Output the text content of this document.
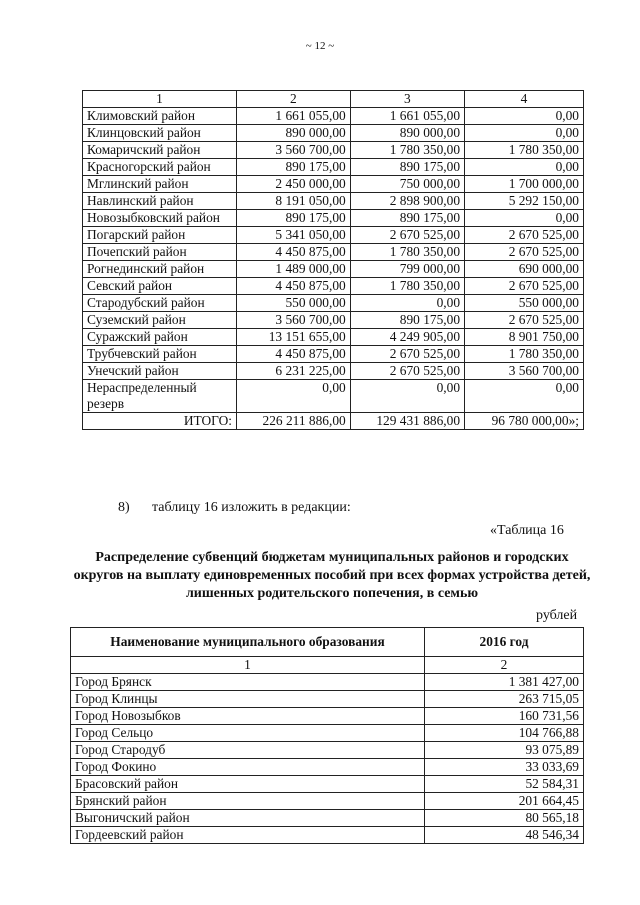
~ 12 ~
1	2	3	4
Климовский район	1 661 055,00	1 661 055,00	0,00
Клинцовский район	890 000,00	890 000,00	0,00
Комаричский район	3 560 700,00	1 780 350,00	1 780 350,00
Красногорский район	890 175,00	890 175,00	0,00
Мглинский район	2 450 000,00	750 000,00	1 700 000,00
Навлинский район	8 191 050,00	2 898 900,00	5 292 150,00
Новозыбковский район	890 175,00	890 175,00	0,00
Погарский район	5 341 050,00	2 670 525,00	2 670 525,00
Почепский район	4 450 875,00	1 780 350,00	2 670 525,00
Рогнединский район	1 489 000,00	799 000,00	690 000,00
Севский район	4 450 875,00	1 780 350,00	2 670 525,00
Стародубский район	550 000,00	0,00	550 000,00
Суземский район	3 560 700,00	890 175,00	2 670 525,00
Суражский район	13 151 655,00	4 249 905,00	8 901 750,00
Трубчевский район	4 450 875,00	2 670 525,00	1 780 350,00
Унечский район	6 231 225,00	2 670 525,00	3 560 700,00
Нераспределенный резерв	0,00	0,00	0,00
ИТОГО:	226 211 886,00	129 431 886,00	96 780 000,00»;
8) таблицу 16 изложить в редакции:
«Таблица 16
Распределение субвенций бюджетам муниципальных районов и городских округов на выплату единовременных пособий при всех формах устройства детей, лишенных родительского попечения, в семью
рублей
Наименование муниципального образования	2016 год
1	2
Город Брянск	1 381 427,00
Город Клинцы	263 715,05
Город Новозыбков	160 731,56
Город Сельцо	104 766,88
Город Стародуб	93 075,89
Город Фокино	33 033,69
Брасовский район	52 584,31
Брянский район	201 664,45
Выгоничский район	80 565,18
Гордеевский район	48 546,34
